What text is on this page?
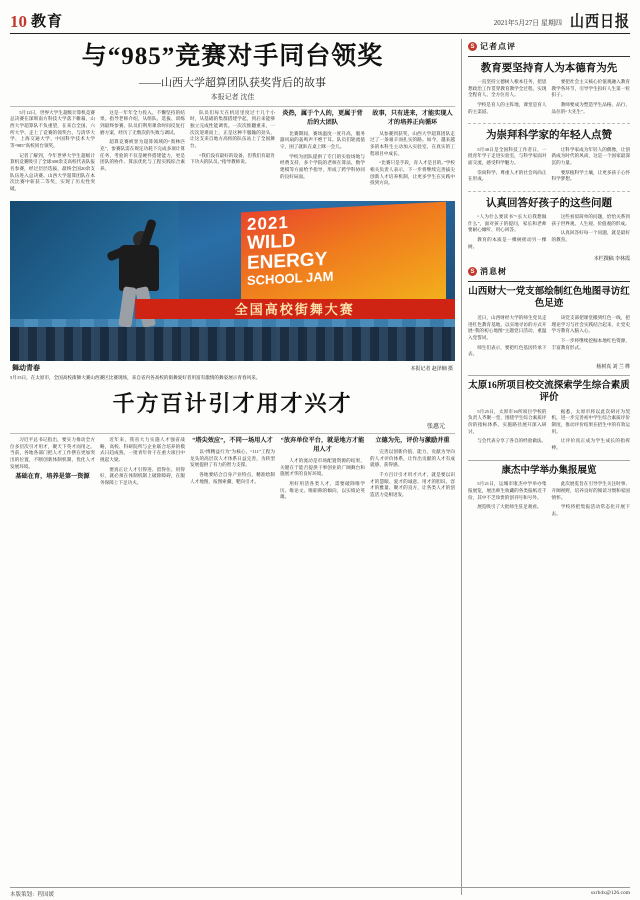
10 教育	2021年5月27日 星期四 山西日报
与“985”竞赛对手同台领奖
——山西大学超算团队获奖背后的故事
本报记者 沈佳

5月12日，世界大学生超级计算机竞赛总决赛在深圳南方科技大学落下帷幕，山西大学超算队不负重望，在来自全国、六所大学、走上了竞赛的领奖台，与清华大学、上海交通大学、中国科学技术大学等“985”高校同台领奖。

记者了解到，今年世界大学生超级计算机竞赛吸引了全球300余支高校代表队报名参赛，经过层层选拔，最终全国20余支队伍进入总决赛。山西大学超算团队在本次比赛中斩获二等奖，实现了历史性突破。

这是一年年全力投入、不懈坚持的结果。指导老师介绍，从组队、选拔、训练到最终参赛，队员们利用课余时间反复打磨方案，经历了无数次的失败与调试。

超算竞赛被誉为超算领域的“奥林匹克”，参赛队需在规定功耗下完成多项计算任务，考验的不仅是硬件搭建能力，更是团队的协作、算法优化与工程实践综合素养。

队员们每天在机房里度过十几个小时，从基础的集群搭建学起，到后来能够独立完成性能调优。一次次推翻重来，一次次迎难而上，正是这种不服输的劲头，让这支来自地方高校的队伍站上了全国舞台。

“我们没有最好的设备，但我们有最肯下功夫的队员。”指导教师说。

炎热，属于个人的，更属于背后的大团队

比赛期间，赛场温度一度升高，服务器风扇的轰鸣声不绝于耳。队员们轮流值守，困了就趴在桌上眯一会儿。

学校为团队提供了专门的实验场地与经费支持，多个学院的老师在算法、数学建模等方面给予指导，形成了跨学科协同的良好局面。

故事，只有进来，才能实现人才的培养正向循环

从参赛到获奖，山西大学超算团队走过了一条艰辛而扎实的路。如今，越来越多的本科生主动加入实验室，在真实的工程项目中成长。

“比赛只是手段，育人才是目的。”学校相关负责人表示，下一步将继续完善拔尖创新人才培养机制，让更多学生在实践中找到方向。

2021
WILD
ENERGY
SCHOOL JAM
全国高校街舞大赛
舞动青春	本报记者 赵泽楠 摄
5月15日，在太原市，全国高校街舞大赛山西赛区比赛现场，来自省内各高校的街舞爱好者用富有激情的舞姿展示青春风采。
千方百计引才用才兴才
张惠元

习近平总书记指出，要实力推动全方位多层次引才用才，聚天下英才而用之。当前，各地各部门把人才工作摆在更加突出的位置，不断创新体制机制，优化人才发展环境。

基础在育，培养是第一资源

近年来，我省大力实施人才强省战略，高校、科研院所与企业联合培养的模式日趋成熟，一批青年骨干在重大项目中挑起大梁。

要真正让人才引得进、留得住、用得好，就必须在体制机制上破除障碍，在服务保障上下足功夫。

“塔尖效应”，不同一场用人才

以“博精益行为”为核心，“111”工程为龙头的高层次人才体系日益完善，为转型发展提供了有力的智力支撑。

各地要结合自身产业特点，精准绘制人才地图，按图索骥，靶向引才。

“放弃单位平台，就是地方才能用人才

人才的流动是市场配置资源的结果，关键在于能否提供干事创业的广阔舞台和施展才华的良好环境。

用好用活各类人才，需要破除唯学历、唯论文、唯职称的倾向，以实绩论英雄。

立德为先，评价与激励并重

完善以创新价值、能力、贡献为导向的人才评价体系，让作出贡献的人才有成就感、获得感。

千方百计引才用才兴才，就是要以识才的慧眼、爱才的诚意、用才的胆识、容才的雅量、聚才的良方，让各类人才的创造活力竞相迸发。

S 记者点评
教育要坚持育人为本德育为先

一直坚持立德树人根本任务，把思想政治工作贯穿教育教学全过程，实现全程育人、全方位育人。

学校是育人的主阵地，课堂是育人的主渠道。

要把社会主义核心价值观融入教育教学各环节，引导学生扣好人生第一粒扣子。

教师要成为塑造学生品格、品行、品位的“大先生”。

为崇拜科学家的年轻人点赞

5月30日是全国科技工作者日，一批青年学子走进实验室，与科学家面对面交流，感受科学魅力。

崇尚科学、尊重人才的社会风尚正在形成。

让科学家成为年轻人的偶像，让创新成为时代的风尚，这是一个国家最深沉的力量。

要厚植科学土壤，让更多孩子心怀科学梦想。

认真回答好孩子的这些问题

“人为什么要读书”“长大后我想做什么”，面对孩子的提问，家长和老师要耐心倾听、用心回答。

教育的本质是一棵树摇动另一棵树。

这些看似简单的问题，恰恰关系到孩子世界观、人生观、价值观的形成。

认真回答好每一个问题，就是最好的教育。

本栏撰稿 李林霞
S 消息树
山西财大一党支部绘制红色地图寻访红色足迹

近日，山西财经大学的师生党员走进红色教育基地，以实地寻访的方式开展“我的初心地图”主题党日活动，重温入党誓词。

师生们表示，要把红色基因传承下去。

该党支部把课堂搬到红色一线，把理论学习与社会实践结合起来，让党史学习教育入脑入心。

下一步将继续挖掘本地红色资源，丰富教育形式。

杨树真 刘 兰 桦
太原16所项目校交流探索学生综合素质评价

5月25日，太原市16所项目学校的负责人齐聚一堂，围绕学生综合素质评价的指标体系、实施路径展开深入研讨。

与会代表分享了各自的经验做法。

据悉，太原市将以此次研讨为契机，进一步完善初中学生综合素质评价制度，推动评价结果在招生中的有效运用。

让评价真正成为学生成长的指挥棒。

康杰中学举办集报展览

5月21日，运城市康杰中学举办集报展览，展出师生收藏的各类报纸近千份，其中不乏珍贵的创刊号和号外。

展览吸引了大批师生驻足观看。

此次展览旨在引导学生关注时事、开阔视野，培养良好的阅读习惯和家国情怀。

学校将把集报活动常态化开展下去。

本版策划：程国媛	sxrb4x@126.com
